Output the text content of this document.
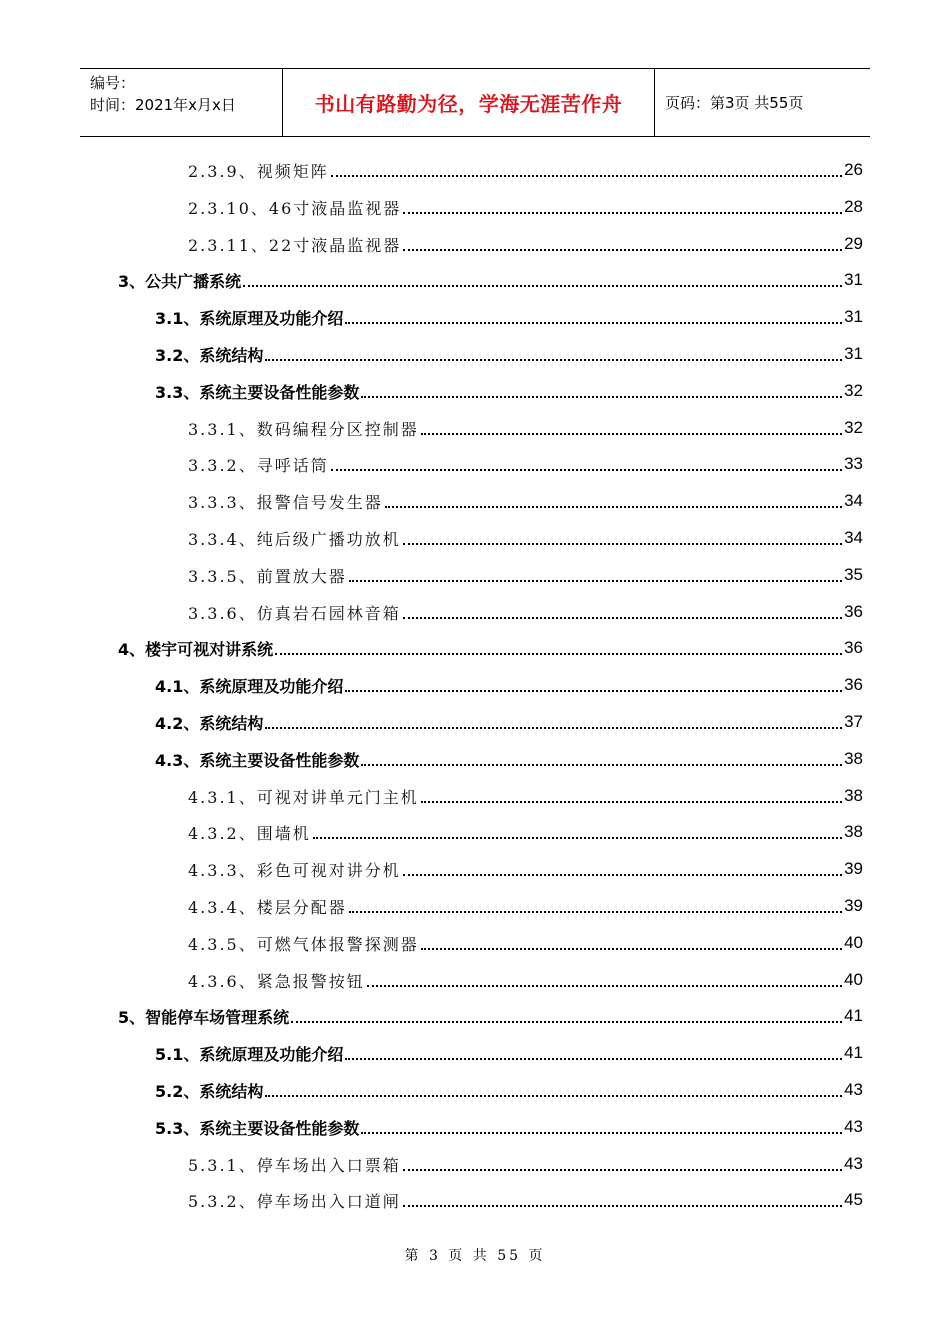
编号：
时间：2021年x月x日	书山有路勤为径，学海无涯苦作舟	页码：第3页 共55页
2.3.9、视频矩阵	26
2.3.10、46寸液晶监视器	28
2.3.11、22寸液晶监视器	29
3、公共广播系统	31
3.1、系统原理及功能介绍	31
3.2、系统结构	31
3.3、系统主要设备性能参数	32
3.3.1、数码编程分区控制器	32
3.3.2、寻呼话筒	33
3.3.3、报警信号发生器	34
3.3.4、纯后级广播功放机	34
3.3.5、前置放大器	35
3.3.6、仿真岩石园林音箱	36
4、楼宇可视对讲系统	36
4.1、系统原理及功能介绍	36
4.2、系统结构	37
4.3、系统主要设备性能参数	38
4.3.1、可视对讲单元门主机	38
4.3.2、围墙机	38
4.3.3、彩色可视对讲分机	39
4.3.4、楼层分配器	39
4.3.5、可燃气体报警探测器	40
4.3.6、紧急报警按钮	40
5、智能停车场管理系统	41
5.1、系统原理及功能介绍	41
5.2、系统结构	43
5.3、系统主要设备性能参数	43
5.3.1、停车场出入口票箱	43
5.3.2、停车场出入口道闸	45
第 3 页 共 55 页
